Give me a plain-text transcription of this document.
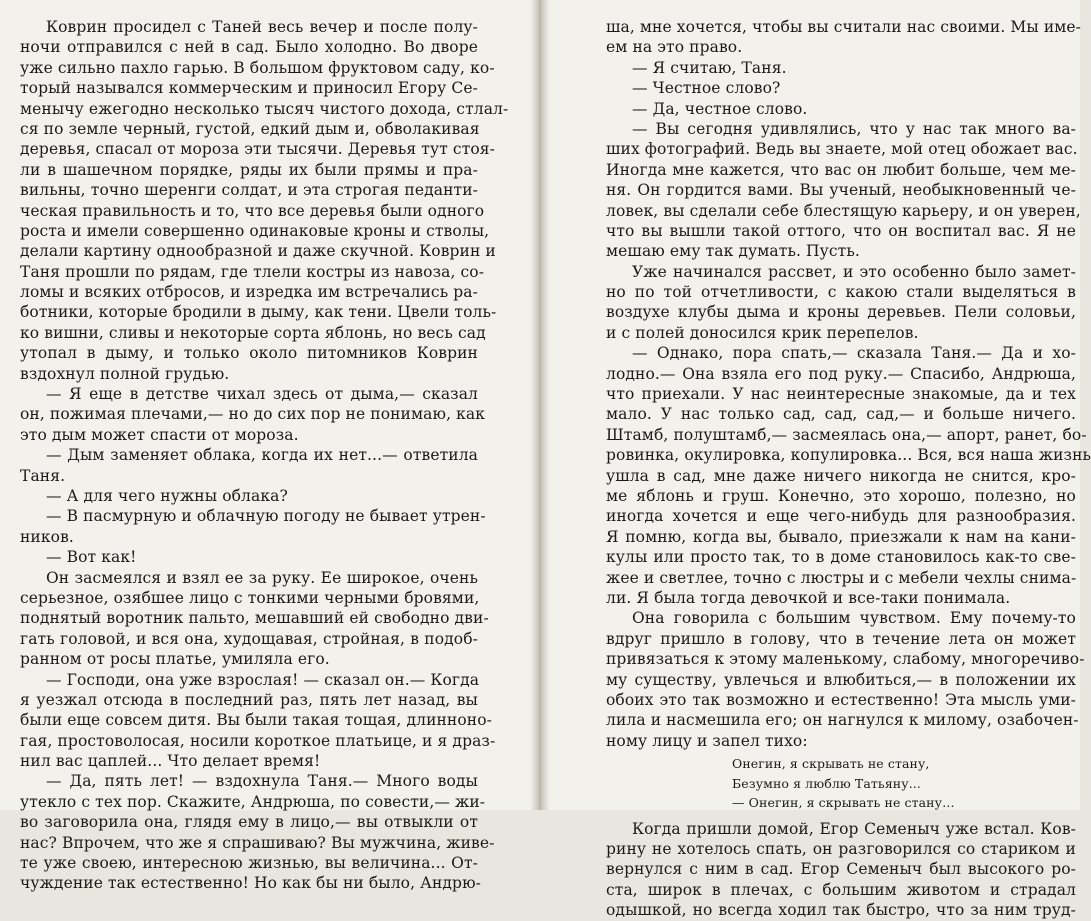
Коврин просидел с Таней весь вечер и после полу-
ночи отправился с ней в сад. Было холодно. Во дворе
уже сильно пахло гарью. В большом фруктовом саду, ко-
торый назывался коммерческим и приносил Егору Се-
менычу ежегодно несколько тысяч чистого дохода, стлал-
ся по земле черный, густой, едкий дым и, обволакивая
деревья, спасал от мороза эти тысячи. Деревья тут стоя-
ли в шашечном порядке, ряды их были прямы и пра-
вильны, точно шеренги солдат, и эта строгая педанти-
ческая правильность и то, что все деревья были одного
роста и имели совершенно одинаковые кроны и стволы,
делали картину однообразной и даже скучной. Коврин и
Таня прошли по рядам, где тлели костры из навоза, со-
ломы и всяких отбросов, и изредка им встречались ра-
ботники, которые бродили в дыму, как тени. Цвели толь-
ко вишни, сливы и некоторые сорта яблонь, но весь сад
утопал в дыму, и только около питомников Коврин
вздохнул полной грудью.
— Я еще в детстве чихал здесь от дыма,— сказал
он, пожимая плечами,— но до сих пор не понимаю, как
это дым может спасти от мороза.
— Дым заменяет облака, когда их нет...— ответила
Таня.
— А для чего нужны облака?
— В пасмурную и облачную погоду не бывает утрен-
ников.
— Вот как!
Он засмеялся и взял ее за руку. Ее широкое, очень
серьезное, озябшее лицо с тонкими черными бровями,
поднятый воротник пальто, мешавший ей свободно дви-
гать головой, и вся она, худощавая, стройная, в подоб-
ранном от росы платье, умиляла его.
— Господи, она уже взрослая! — сказал он.— Когда
я уезжал отсюда в последний раз, пять лет назад, вы
были еще совсем дитя. Вы были такая тощая, длинноно-
гая, простоволосая, носили короткое платьице, и я драз-
нил вас цаплей... Что делает время!
— Да, пять лет! — вздохнула Таня.— Много воды
утекло с тех пор. Скажите, Андрюша, по совести,— жи-
во заговорила она, глядя ему в лицо,— вы отвыкли от
нас? Впрочем, что же я спрашиваю? Вы мужчина, живе-
те уже своею, интересною жизнью, вы величина... От-
чуждение так естественно! Но как бы ни было, Андрю-
ша, мне хочется, чтобы вы считали нас своими. Мы име-
ем на это право.
— Я считаю, Таня.
— Честное слово?
— Да, честное слово.
— Вы сегодня удивлялись, что у нас так много ва-
ших фотографий. Ведь вы знаете, мой отец обожает вас.
Иногда мне кажется, что вас он любит больше, чем ме-
ня. Он гордится вами. Вы ученый, необыкновенный че-
ловек, вы сделали себе блестящую карьеру, и он уверен,
что вы вышли такой оттого, что он воспитал вас. Я не
мешаю ему так думать. Пусть.
Уже начинался рассвет, и это особенно было замет-
но по той отчетливости, с какою стали выделяться в
воздухе клубы дыма и кроны деревьев. Пели соловьи,
и с полей доносился крик перепелов.
— Однако, пора спать,— сказала Таня.— Да и хо-
лодно.— Она взяла его под руку.— Спасибо, Андрюша,
что приехали. У нас неинтересные знакомые, да и тех
мало. У нас только сад, сад, сад,— и больше ничего.
Штамб, полуштамб,— засмеялась она,— апорт, ранет, бо-
ровинка, окулировка, копулировка... Вся, вся наша жизнь
ушла в сад, мне даже ничего никогда не снится, кро-
ме яблонь и груш. Конечно, это хорошо, полезно, но
иногда хочется и еще чего-нибудь для разнообразия.
Я помню, когда вы, бывало, приезжали к нам на кани-
кулы или просто так, то в доме становилось как-то све-
жее и светлее, точно с люстры и с мебели чехлы снима-
ли. Я была тогда девочкой и все-таки понимала.
Она говорила с большим чувством. Ему почему-то
вдруг пришло в голову, что в течение лета он может
привязаться к этому маленькому, слабому, многоречиво-
му существу, увлечься и влюбиться,— в положении их
обоих это так возможно и естественно! Эта мысль уми-
лила и насмешила его; он нагнулся к милому, озабочен-
ному лицу и запел тихо:
Онегин, я скрывать не стану,
Безумно я люблю Татьяну...
— Онегин, я скрывать не стану…
Когда пришли домой, Егор Семеныч уже встал. Ков-
рину не хотелось спать, он разговорился со стариком и
вернулся с ним в сад. Егор Семеныч был высокого ро-
ста, широк в плечах, с большим животом и страдал
одышкой, но всегда ходил так быстро, что за ним труд-
